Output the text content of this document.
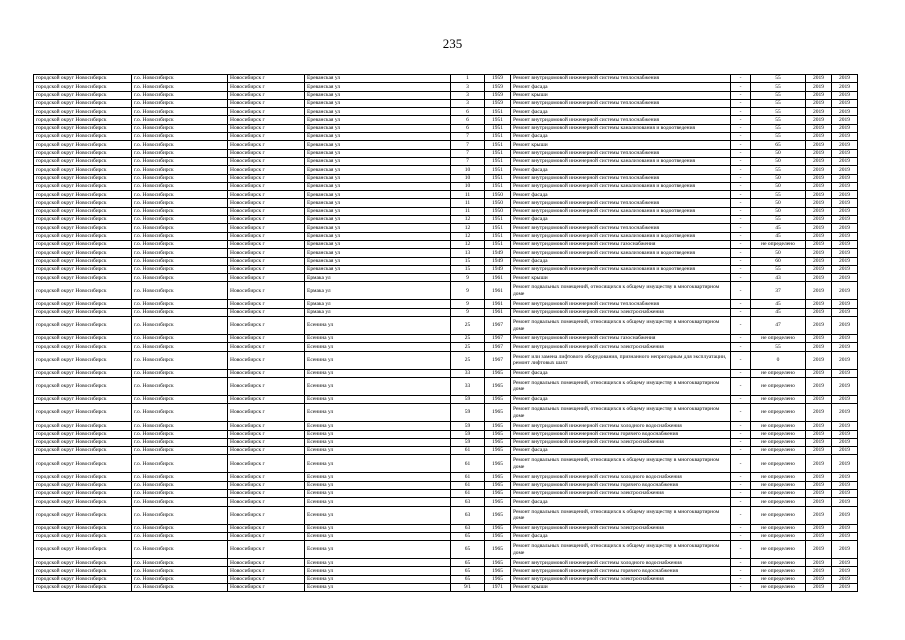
235
городской округ Новосибирск	г.о. Новосибирск	Новосибирск г	Ереванская ул	1	1959	Ремонт внутридомовой инженерной системы теплоснабжения	-	55	2019	2019
городской округ Новосибирск	г.о. Новосибирск	Новосибирск г	Ереванская ул	3	1959	Ремонт фасада	-	55	2019	2019
городской округ Новосибирск	г.о. Новосибирск	Новосибирск г	Ереванская ул	3	1959	Ремонт крыши	-	55	2019	2019
городской округ Новосибирск	г.о. Новосибирск	Новосибирск г	Ереванская ул	3	1959	Ремонт внутридомовой инженерной системы теплоснабжения	-	55	2019	2019
городской округ Новосибирск	г.о. Новосибирск	Новосибирск г	Ереванская ул	6	1951	Ремонт фасада	-	55	2019	2019
городской округ Новосибирск	г.о. Новосибирск	Новосибирск г	Ереванская ул	6	1951	Ремонт внутридомовой инженерной системы теплоснабжения	-	55	2019	2019
городской округ Новосибирск	г.о. Новосибирск	Новосибирск г	Ереванская ул	6	1951	Ремонт внутридомовой инженерной системы канализования и водоотведения	-	55	2019	2019
городской округ Новосибирск	г.о. Новосибирск	Новосибирск г	Ереванская ул	7	1951	Ремонт фасада	-	55	2019	2019
городской округ Новосибирск	г.о. Новосибирск	Новосибирск г	Ереванская ул	7	1951	Ремонт крыши	-	65	2019	2019
городской округ Новосибирск	г.о. Новосибирск	Новосибирск г	Ереванская ул	7	1951	Ремонт внутридомовой инженерной системы теплоснабжения	-	50	2019	2019
городской округ Новосибирск	г.о. Новосибирск	Новосибирск г	Ереванская ул	7	1951	Ремонт внутридомовой инженерной системы канализования и водоотведения	-	50	2019	2019
городской округ Новосибирск	г.о. Новосибирск	Новосибирск г	Ереванская ул	10	1951	Ремонт фасада	-	55	2019	2019
городской округ Новосибирск	г.о. Новосибирск	Новосибирск г	Ереванская ул	10	1951	Ремонт внутридомовой инженерной системы теплоснабжения	-	50	2019	2019
городской округ Новосибирск	г.о. Новосибирск	Новосибирск г	Ереванская ул	10	1951	Ремонт внутридомовой инженерной системы канализования и водоотведения	-	50	2019	2019
городской округ Новосибирск	г.о. Новосибирск	Новосибирск г	Ереванская ул	11	1950	Ремонт фасада	-	55	2019	2019
городской округ Новосибирск	г.о. Новосибирск	Новосибирск г	Ереванская ул	11	1950	Ремонт внутридомовой инженерной системы теплоснабжения	-	50	2019	2019
городской округ Новосибирск	г.о. Новосибирск	Новосибирск г	Ереванская ул	11	1950	Ремонт внутридомовой инженерной системы канализования и водоотведения	-	50	2019	2019
городской округ Новосибирск	г.о. Новосибирск	Новосибирск г	Ереванская ул	12	1951	Ремонт фасада	-	55	2019	2019
городской округ Новосибирск	г.о. Новосибирск	Новосибирск г	Ереванская ул	12	1951	Ремонт внутридомовой инженерной системы теплоснабжения	-	45	2019	2019
городской округ Новосибирск	г.о. Новосибирск	Новосибирск г	Ереванская ул	12	1951	Ремонт внутридомовой инженерной системы канализования и водоотведения	-	45	2019	2019
городской округ Новосибирск	г.о. Новосибирск	Новосибирск г	Ереванская ул	12	1951	Ремонт внутридомовой инженерной системы газоснабжения	-	не определено	2019	2019
городской округ Новосибирск	г.о. Новосибирск	Новосибирск г	Ереванская ул	13	1949	Ремонт внутридомовой инженерной системы канализования и водоотведения	-	50	2019	2019
городской округ Новосибирск	г.о. Новосибирск	Новосибирск г	Ереванская ул	15	1949	Ремонт фасада	-	60	2019	2019
городской округ Новосибирск	г.о. Новосибирск	Новосибирск г	Ереванская ул	15	1949	Ремонт внутридомовой инженерной системы канализования и водоотведения	-	55	2019	2019
городской округ Новосибирск	г.о. Новосибирск	Новосибирск г	Ермака ул	9	1961	Ремонт крыши	-	43	2019	2019
городской округ Новосибирск	г.о. Новосибирск	Новосибирск г	Ермака ул	9	1961	Ремонт подвальных помещений, относящихся к общему имуществу в многоквартирном доме	-	37	2019	2019
городской округ Новосибирск	г.о. Новосибирск	Новосибирск г	Ермака ул	9	1961	Ремонт внутридомовой инженерной системы теплоснабжения	-	45	2019	2019
городской округ Новосибирск	г.о. Новосибирск	Новосибирск г	Ермака ул	9	1961	Ремонт внутридомовой инженерной системы электроснабжения	-	45	2019	2019
городской округ Новосибирск	г.о. Новосибирск	Новосибирск г	Есенина ул	25	1967	Ремонт подвальных помещений, относящихся к общему имуществу в многоквартирном доме	-	47	2019	2019
городской округ Новосибирск	г.о. Новосибирск	Новосибирск г	Есенина ул	25	1967	Ремонт внутридомовой инженерной системы газоснабжения	-	не определено	2019	2019
городской округ Новосибирск	г.о. Новосибирск	Новосибирск г	Есенина ул	25	1967	Ремонт внутридомовой инженерной системы электроснабжения	-	55	2019	2019
городской округ Новосибирск	г.о. Новосибирск	Новосибирск г	Есенина ул	25	1967	Ремонт или замена лифтового оборудования, признанного непригодным для эксплуатации, ремонт лифтовых шахт	-	0	2019	2019
городской округ Новосибирск	г.о. Новосибирск	Новосибирск г	Есенина ул	33	1965	Ремонт фасада	-	не определено	2019	2019
городской округ Новосибирск	г.о. Новосибирск	Новосибирск г	Есенина ул	33	1965	Ремонт подвальных помещений, относящихся к общему имуществу в многоквартирном доме	-	не определено	2019	2019
городской округ Новосибирск	г.о. Новосибирск	Новосибирск г	Есенина ул	59	1965	Ремонт фасада	-	не определено	2019	2019
городской округ Новосибирск	г.о. Новосибирск	Новосибирск г	Есенина ул	59	1965	Ремонт подвальных помещений, относящихся к общему имуществу в многоквартирном доме	-	не определено	2019	2019
городской округ Новосибирск	г.о. Новосибирск	Новосибирск г	Есенина ул	59	1965	Ремонт внутридомовой инженерной системы холодного водоснабжения	-	не определено	2019	2019
городской округ Новосибирск	г.о. Новосибирск	Новосибирск г	Есенина ул	59	1965	Ремонт внутридомовой инженерной системы горячего водоснабжения	-	не определено	2019	2019
городской округ Новосибирск	г.о. Новосибирск	Новосибирск г	Есенина ул	59	1965	Ремонт внутридомовой инженерной системы электроснабжения	-	не определено	2019	2019
городской округ Новосибирск	г.о. Новосибирск	Новосибирск г	Есенина ул	61	1965	Ремонт фасада	-	не определено	2019	2019
городской округ Новосибирск	г.о. Новосибирск	Новосибирск г	Есенина ул	61	1965	Ремонт подвальных помещений, относящихся к общему имуществу в многоквартирном доме	-	не определено	2019	2019
городской округ Новосибирск	г.о. Новосибирск	Новосибирск г	Есенина ул	61	1965	Ремонт внутридомовой инженерной системы холодного водоснабжения	-	не определено	2019	2019
городской округ Новосибирск	г.о. Новосибирск	Новосибирск г	Есенина ул	61	1965	Ремонт внутридомовой инженерной системы горячего водоснабжения	-	не определено	2019	2019
городской округ Новосибирск	г.о. Новосибирск	Новосибирск г	Есенина ул	61	1965	Ремонт внутридомовой инженерной системы электроснабжения	-	не определено	2019	2019
городской округ Новосибирск	г.о. Новосибирск	Новосибирск г	Есенина ул	63	1965	Ремонт фасада	-	не определено	2019	2019
городской округ Новосибирск	г.о. Новосибирск	Новосибирск г	Есенина ул	63	1965	Ремонт подвальных помещений, относящихся к общему имуществу в многоквартирном доме	-	не определено	2019	2019
городской округ Новосибирск	г.о. Новосибирск	Новосибирск г	Есенина ул	63	1965	Ремонт внутридомовой инженерной системы электроснабжения	-	не определено	2019	2019
городской округ Новосибирск	г.о. Новосибирск	Новосибирск г	Есенина ул	65	1965	Ремонт фасада	-	не определено	2019	2019
городской округ Новосибирск	г.о. Новосибирск	Новосибирск г	Есенина ул	65	1965	Ремонт подвальных помещений, относящихся к общему имуществу в многоквартирном доме	-	не определено	2019	2019
городской округ Новосибирск	г.о. Новосибирск	Новосибирск г	Есенина ул	65	1965	Ремонт внутридомовой инженерной системы холодного водоснабжения	-	не определено	2019	2019
городской округ Новосибирск	г.о. Новосибирск	Новосибирск г	Есенина ул	65	1965	Ремонт внутридомовой инженерной системы горячего водоснабжения	-	не определено	2019	2019
городской округ Новосибирск	г.о. Новосибирск	Новосибирск г	Есенина ул	65	1965	Ремонт внутридомовой инженерной системы электроснабжения	-	не определено	2019	2019
городской округ Новосибирск	г.о. Новосибирск	Новосибирск г	Есенина ул	9/1	1971	Ремонт крыши	-	не определено	2019	2019
